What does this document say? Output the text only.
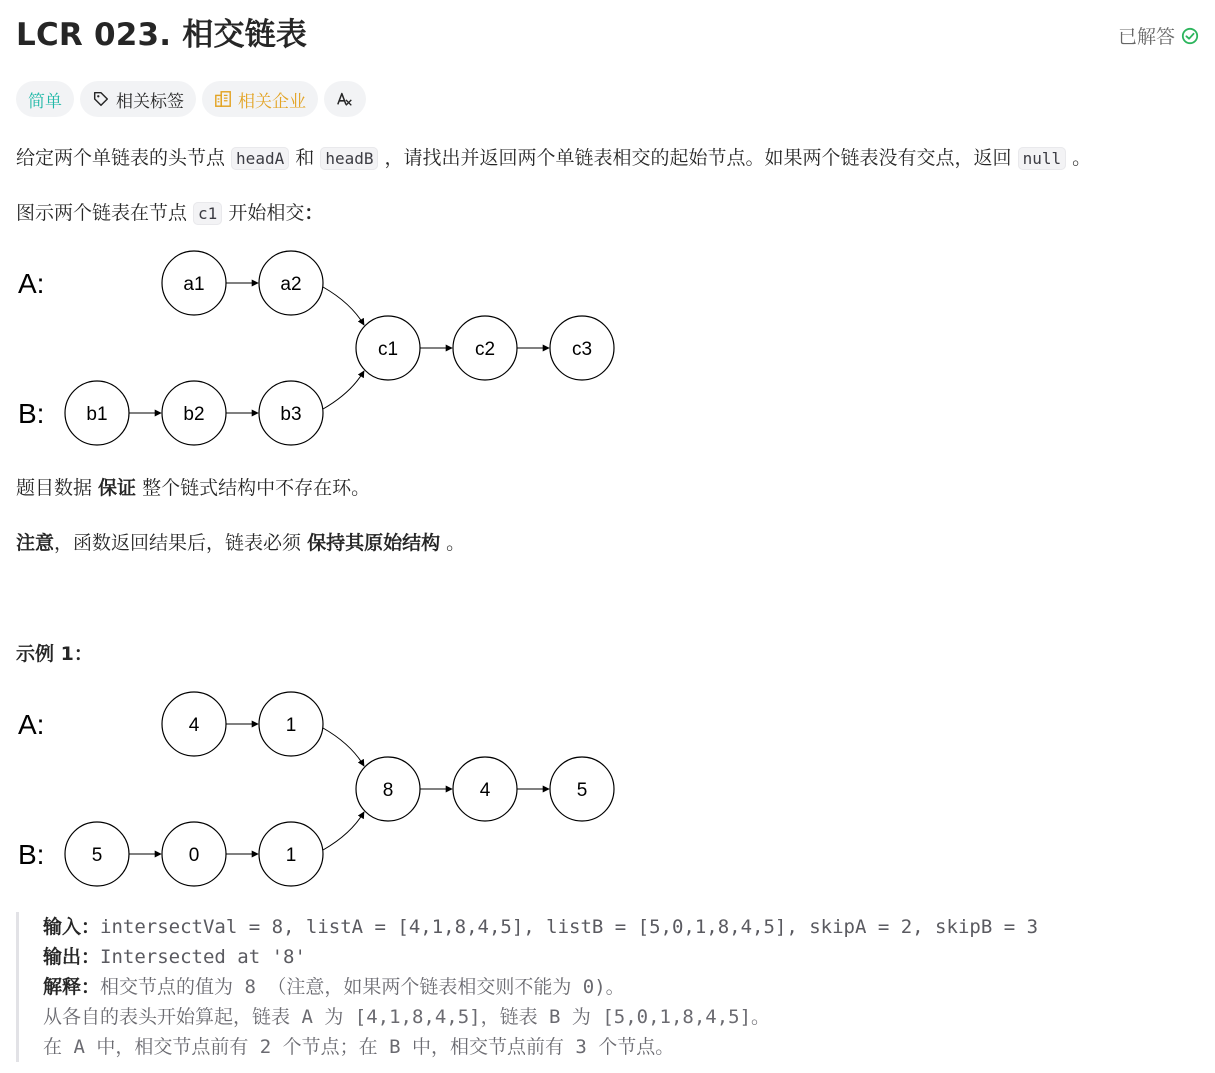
LCR 023. 相交链表	已解答
简单	相关标签	相关企业
给定两个单链表的头节点 headA 和 headB ，请找出并返回两个单链表相交的起始节点。如果两个链表没有交点，返回 null 。
图示两个链表在节点 c1 开始相交：
A:
B:
a1	a2
b1	b2	b3
c1	c2	c3
题目数据 保证 整个链式结构中不存在环。
注意，函数返回结果后，链表必须 保持其原始结构 。
示例 1：
A:
B:
4	1
5	0	1
8	4	5
输入：intersectVal = 8, listA = [4,1,8,4,5], listB = [5,0,1,8,4,5], skipA = 2, skipB = 3
输出：Intersected at '8'
解释：相交节点的值为 8 （注意，如果两个链表相交则不能为 0)。
从各自的表头开始算起，链表 A 为 [4,1,8,4,5]，链表 B 为 [5,0,1,8,4,5]。
在 A 中，相交节点前有 2 个节点；在 B 中，相交节点前有 3 个节点。
